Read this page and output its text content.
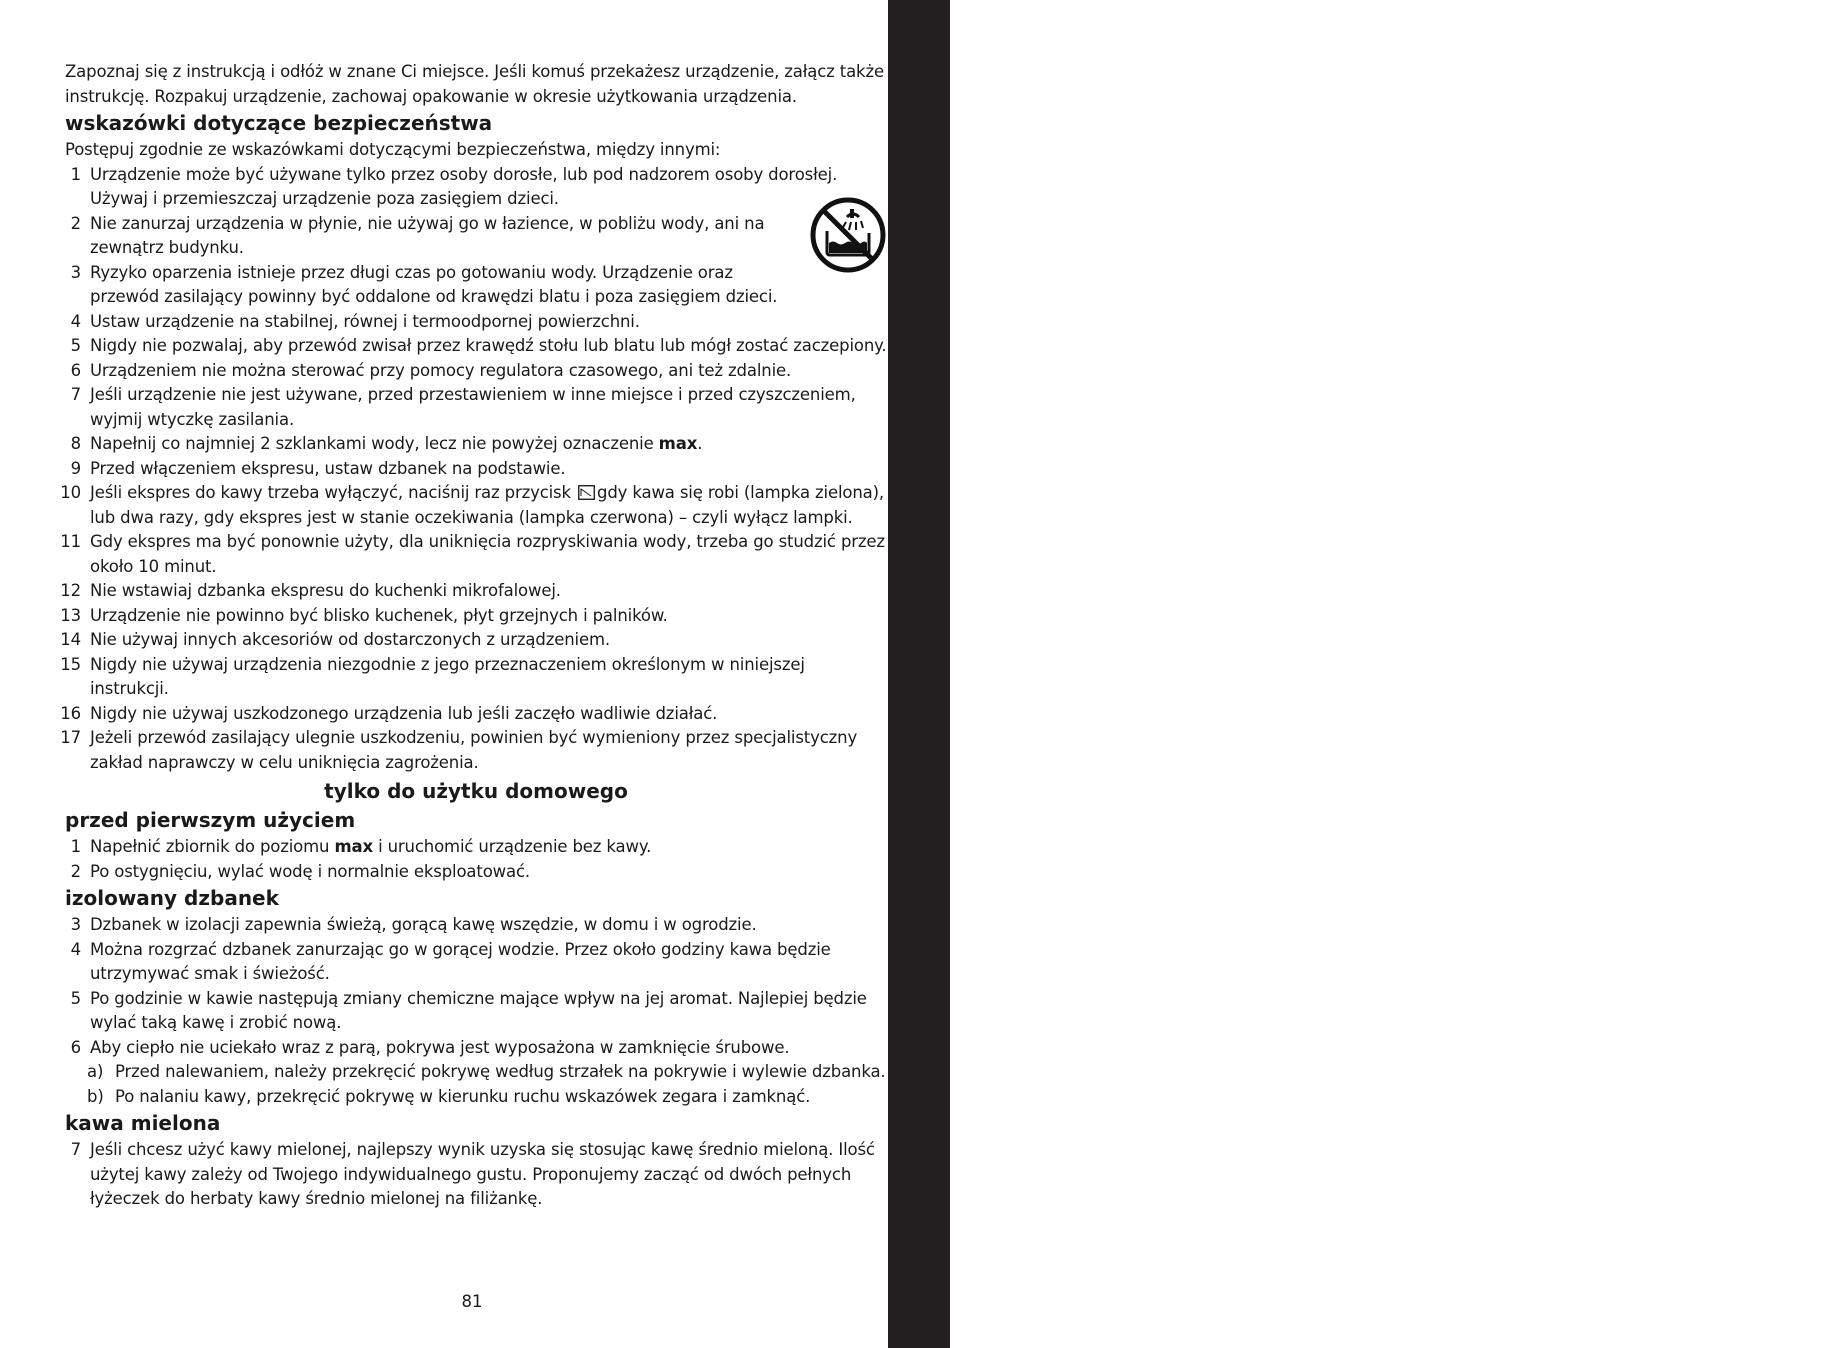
instrukcja

Zapoznaj się z instrukcją i odłóż w znane Ci miejsce. Jeśli komuś przekażesz urządzenie, załącz także instrukcję. Rozpakuj urządzenie, zachowaj opakowanie w okresie użytkowania urządzenia.

wskazówki dotyczące bezpieczeństwa

Postępuj zgodnie ze wskazówkami dotyczącymi bezpieczeństwa, między innymi:

1 Urządzenie może być używane tylko przez osoby dorosłe, lub pod nadzorem osoby dorosłej. Używaj i przemieszczaj urządzenie poza zasięgiem dzieci.
2 Nie zanurzaj urządzenia w płynie, nie używaj go w łazience, w pobliżu wody, ani na zewnątrz budynku.
3 Ryzyko oparzenia istnieje przez długi czas po gotowaniu wody. Urządzenie oraz przewód zasilający powinny być oddalone od krawędzi blatu i poza zasięgiem dzieci.
4 Ustaw urządzenie na stabilnej, równej i termoodpornej powierzchni.
5 Nigdy nie pozwalaj, aby przewód zwisał przez krawędź stołu lub blatu lub mógł zostać zaczepiony.
6 Urządzeniem nie można sterować przy pomocy regulatora czasowego, ani też zdalnie.
7 Jeśli urządzenie nie jest używane, przed przestawieniem w inne miejsce i przed czyszczeniem, wyjmij wtyczkę zasilania.
8 Napełnij co najmniej 2 szklankami wody, lecz nie powyżej oznaczenie max.
9 Przed włączeniem ekspresu, ustaw dzbanek na podstawie.
10 Jeśli ekspres do kawy trzeba wyłączyć, naciśnij raz przycisk gdy kawa się robi (lampka zielona), lub dwa razy, gdy ekspres jest w stanie oczekiwania (lampka czerwona) – czyli wyłącz lampki.
11 Gdy ekspres ma być ponownie użyty, dla uniknięcia rozpryskiwania wody, trzeba go studzić przez około 10 minut.
12 Nie wstawiaj dzbanka ekspresu do kuchenki mikrofalowej.
13 Urządzenie nie powinno być blisko kuchenek, płyt grzejnych i palników.
14 Nie używaj innych akcesoriów od dostarczonych z urządzeniem.
15 Nigdy nie używaj urządzenia niezgodnie z jego przeznaczeniem określonym w niniejszej instrukcji.
16 Nigdy nie używaj uszkodzonego urządzenia lub jeśli zaczęło wadliwie działać.
17 Jeżeli przewód zasilający ulegnie uszkodzeniu, powinien być wymieniony przez specjalistyczny zakład naprawczy w celu uniknięcia zagrożenia.
tylko do użytku domowego
przed pierwszym użyciem
1 Napełnić zbiornik do poziomu max i uruchomić urządzenie bez kawy.
2 Po ostygnięciu, wylać wodę i normalnie eksploatować.
izolowany dzbanek
3 Dzbanek w izolacji zapewnia świeżą, gorącą kawę wszędzie, w domu i w ogrodzie.
4 Można rozgrzać dzbanek zanurzając go w gorącej wodzie. Przez około godziny kawa będzie utrzymywać smak i świeżość.
5 Po godzinie w kawie następują zmiany chemiczne mające wpływ na jej aromat. Najlepiej będzie wylać taką kawę i zrobić nową.
6 Aby ciepło nie uciekało wraz z parą, pokrywa jest wyposażona w zamknięcie śrubowe.
a) Przed nalewaniem, należy przekręcić pokrywę według strzałek na pokrywie i wylewie dzbanka.
b) Po nalaniu kawy, przekręcić pokrywę w kierunku ruchu wskazówek zegara i zamknąć.
kawa mielona
7 Jeśli chcesz użyć kawy mielonej, najlepszy wynik uzyska się stosując kawę średnio mieloną. Ilość użytej kawy zależy od Twojego indywidualnego gustu. Proponujemy zacząć od dwóch pełnych łyżeczek do herbaty kawy średnio mielonej na filiżankę.
81
